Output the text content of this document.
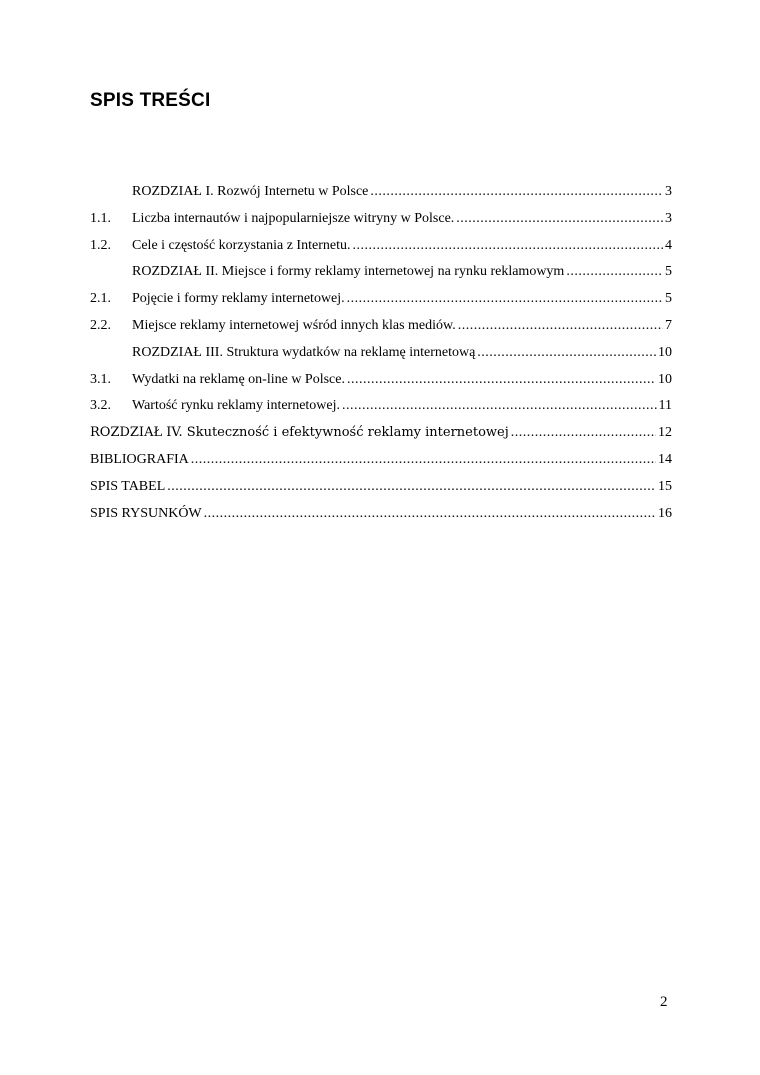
SPIS TREŚCI
ROZDZIAŁ I. Rozwój Internetu w Polsce .....	3
1.1.	Liczba internautów i najpopularniejsze witryny w Polsce. .....	3
1.2.	Cele i częstość korzystania z Internetu. .....	4
ROZDZIAŁ II. Miejsce i formy reklamy internetowej na rynku reklamowym .....	5
2.1.	Pojęcie i formy reklamy internetowej. .....	5
2.2.	Miejsce reklamy internetowej wśród innych klas mediów. .....	7
ROZDZIAŁ III. Struktura wydatków na reklamę internetową .....	10
3.1.	Wydatki na reklamę on-line w Polsce. .....	10
3.2.	Wartość rynku reklamy internetowej. .....	11
ROZDZIAŁ IV. Skuteczność i efektywność reklamy internetowej .....	12
BIBLIOGRAFIA .....	14
SPIS TABEL .....	15
SPIS RYSUNKÓW .....	16
2
